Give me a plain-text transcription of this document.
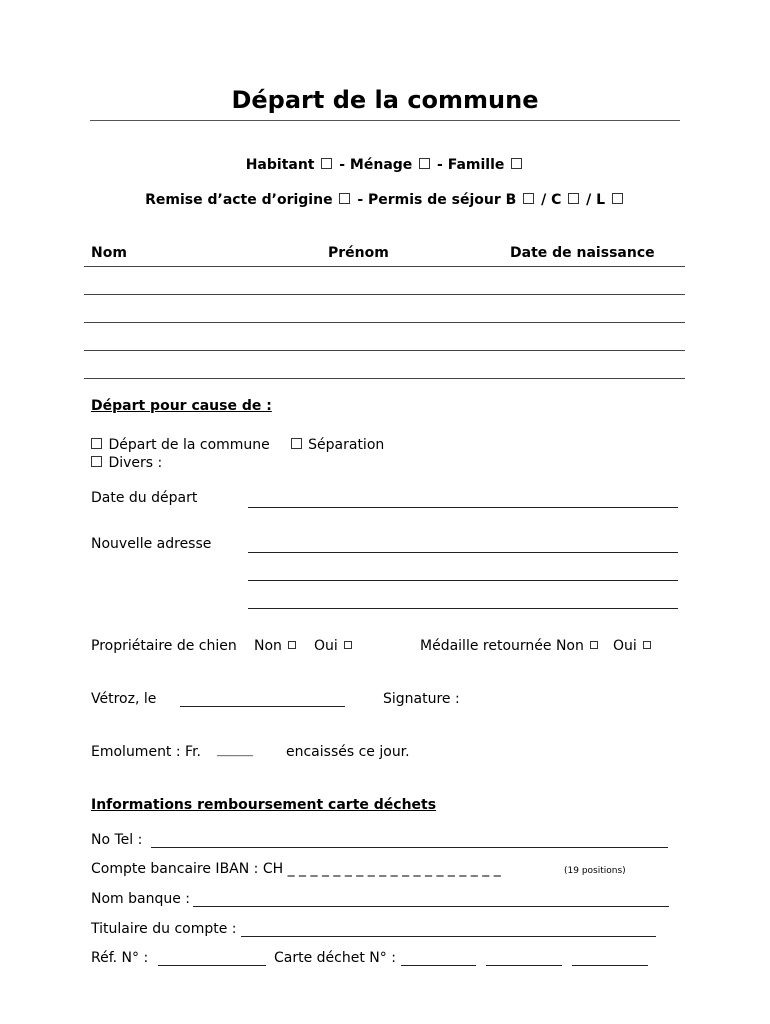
Départ de la commune
Habitant - Ménage - Famille
Remise d’acte d’origine - Permis de séjour B / C / L
Nom	Prénom	Date de naissance
Départ pour cause de :
Départ de la commune	Séparation
Divers :
Date du départ
Nouvelle adresse
Propriétaire de chien Non	Oui	Médaille retournée Non	Oui
Vétroz, le	Signature :
Emolument : Fr. ________ encaissés ce jour.
Informations remboursement carte déchets
No Tel :
Compte bancaire IBAN : CH _ _ _ _ _ _ _ _ _ _ _ _ _ _ _ _ _ _ _	(19 positions)
Nom banque :
Titulaire du compte :
Réf. N° :	Carte déchet N° :
